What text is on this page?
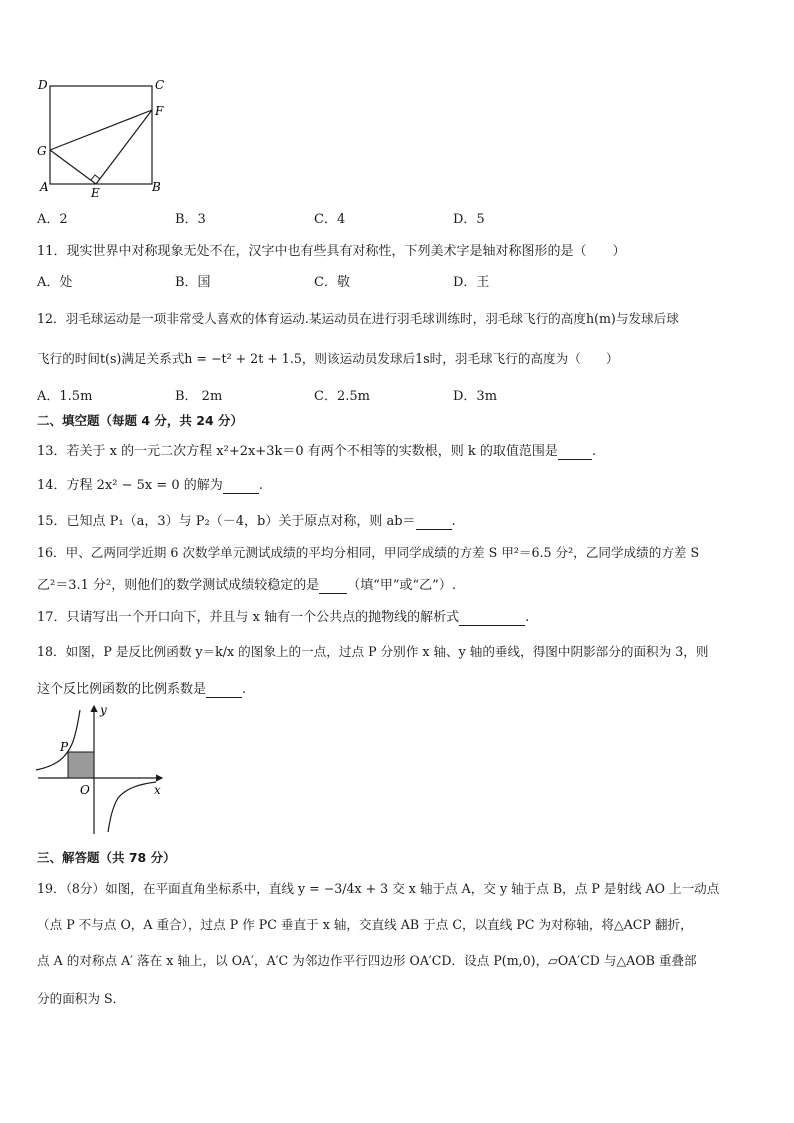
D	C
F
G
A	E	B
A．2	B．3	C．4	D．5
11．现实世界中对称现象无处不在，汉字中也有些具有对称性，下列美术字是轴对称图形的是（　　）
A．处	B．国	C．敬	D．王
12．羽毛球运动是一项非常受人喜欢的体育运动.某运动员在进行羽毛球训练时，羽毛球飞行的高度h(m)与发球后球
飞行的时间t(s)满足关系式h = −t² + 2t + 1.5，则该运动员发球后1s时，羽毛球飞行的高度为（　　）
A．1.5m	B． 2m	C．2.5m	D．3m
二、填空题（每题 4 分，共 24 分）
13．若关于 x 的一元二次方程 x²+2x+3k＝0 有两个不相等的实数根，则 k 的取值范围是	.
14．方程 2x² − 5x = 0 的解为	.
15．已知点 P₁（a，3）与 P₂（－4，b）关于原点对称，则 ab＝	.
16．甲、乙两同学近期 6 次数学单元测试成绩的平均分相同，甲同学成绩的方差 S 甲²＝6.5 分²，乙同学成绩的方差 S
乙²＝3.1 分²，则他们的数学测试成绩较稳定的是 （填“甲”或“乙”）.
17．只请写出一个开口向下，并且与 x 轴有一个公共点的抛物线的解析式	.
18．如图，P 是反比例函数 y＝k/x 的图象上的一点，过点 P 分别作 x 轴、y 轴的垂线，得图中阴影部分的面积为 3，则
这个反比例函数的比例系数是	.
y
P
O	x
三、解答题（共 78 分）
19．（8分）如图，在平面直角坐标系中，直线 y = −3/4x + 3 交 x 轴于点 A，交 y 轴于点 B，点 P 是射线 AO 上一动点
（点 P 不与点 O，A 重合），过点 P 作 PC 垂直于 x 轴，交直线 AB 于点 C，以直线 PC 为对称轴，将△ACP 翻折，
点 A 的对称点 A′ 落在 x 轴上，以 OA′，A′C 为邻边作平行四边形 OA′CD．设点 P(m,0)，▱OA′CD 与△AOB 重叠部
分的面积为 S．
